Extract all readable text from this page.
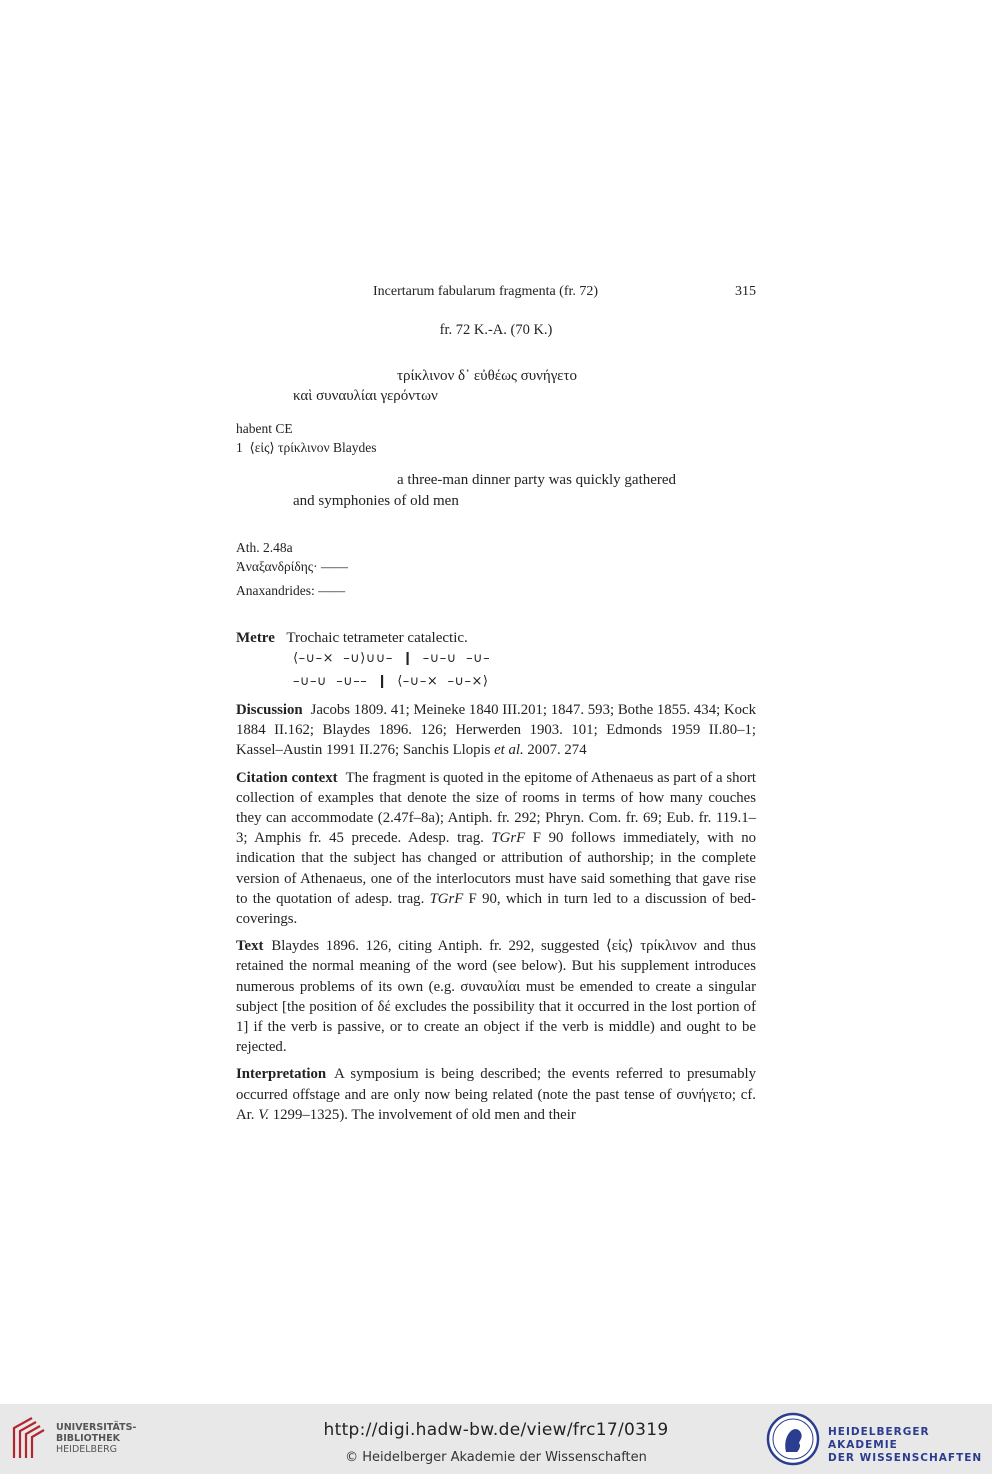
Incertarum fabularum fragmenta (fr. 72)	315
fr. 72 K.-A. (70 K.)
τρίκλινον δ᾽ εὐθέως συνήγετο
καὶ συναυλίαι γερόντων
habent CE
1  ⟨εἰς⟩ τρίκλινον Blaydes
a three-man dinner party was quickly gathered
and symphonies of old men
Ath. 2.48a
Ἀναξανδρίδης· ——
Anaxandrides: ——
Metre Trochaic tetrameter catalectic.
⟨–∪–×  –∪⟩∪∪–  ❙  –∪–∪  –∪–
–∪–∪  –∪––  ❙  ⟨–∪–×  –∪–×⟩

Discussion Jacobs 1809. 41; Meineke 1840 III.201; 1847. 593; Bothe 1855. 434; Kock 1884 II.162; Blaydes 1896. 126; Herwerden 1903. 101; Edmonds 1959 II.80–1; Kassel–Austin 1991 II.276; Sanchis Llopis et al. 2007. 274

Citation context The fragment is quoted in the epitome of Athenaeus as part of a short collection of examples that denote the size of rooms in terms of how many couches they can accommodate (2.47f–8a); Antiph. fr. 292; Phryn. Com. fr. 69; Eub. fr. 119.1–3; Amphis fr. 45 precede. Adesp. trag. TGrF F 90 follows immediately, with no indication that the subject has changed or attribution of authorship; in the complete version of Athenaeus, one of the interlocutors must have said something that gave rise to the quotation of adesp. trag. TGrF F 90, which in turn led to a discussion of bed-coverings.

Text Blaydes 1896. 126, citing Antiph. fr. 292, suggested ⟨εἰς⟩ τρίκλινον and thus retained the normal meaning of the word (see below). But his supplement introduces numerous problems of its own (e.g. συναυλίαι must be emended to create a singular subject [the position of δέ excludes the possibility that it occurred in the lost portion of 1] if the verb is passive, or to create an object if the verb is middle) and ought to be rejected.

Interpretation A symposium is being described; the events referred to presumably occurred offstage and are only now being related (note the past tense of συνήγετο; cf. Ar. V. 1299–1325). The involvement of old men and their

UNIVERSITÄTS-
BIBLIOTHEK
HEIDELBERG
http://digi.hadw-bw.de/view/frc17/0319
© Heidelberger Akademie der Wissenschaften
HEIDELBERGER AKADEMIE
DER WISSENSCHAFTEN
